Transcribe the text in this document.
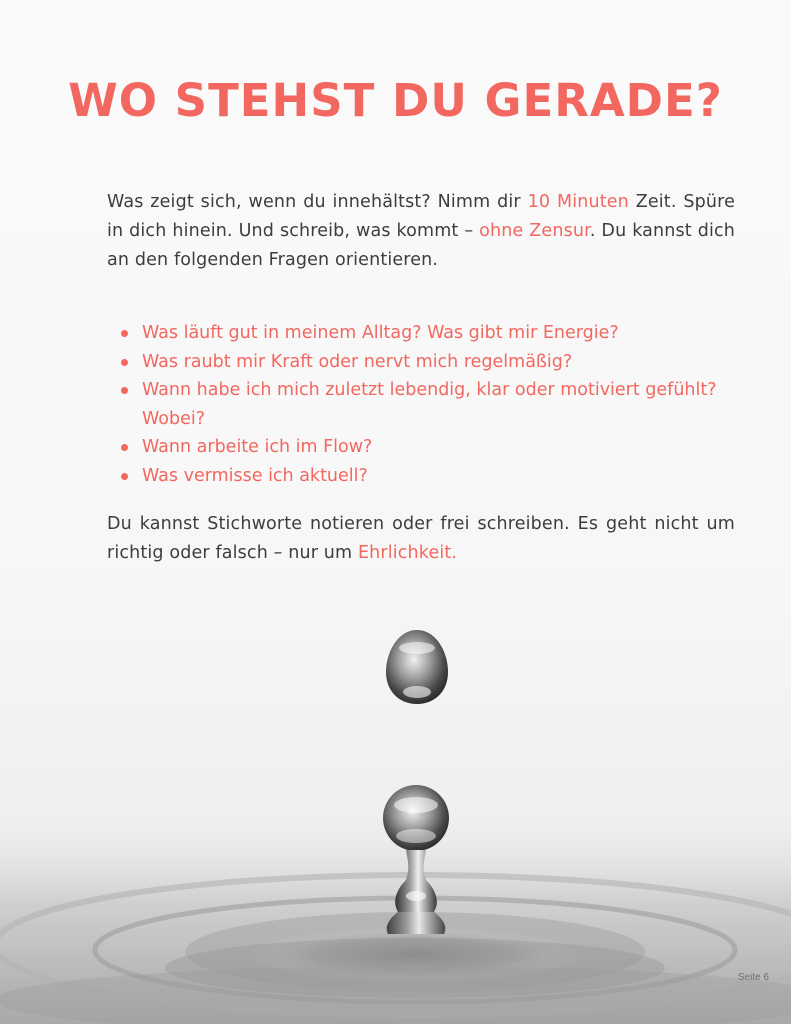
WO STEHST DU GERADE?

Was zeigt sich, wenn du innehältst? Nimm dir 10 Minuten Zeit. Spüre in dich hinein. Und schreib, was kommt – ohne Zensur. Du kannst dich an den folgenden Fragen orientieren.

Was läuft gut in meinem Alltag? Was gibt mir Energie?
Was raubt mir Kraft oder nervt mich regelmäßig?
Wann habe ich mich zuletzt lebendig, klar oder motiviert gefühlt? Wobei?
Wann arbeite ich im Flow?
Was vermisse ich aktuell?

Du kannst Stichworte notieren oder frei schreiben. Es geht nicht um richtig oder falsch – nur um Ehrlichkeit.

Seite 6
